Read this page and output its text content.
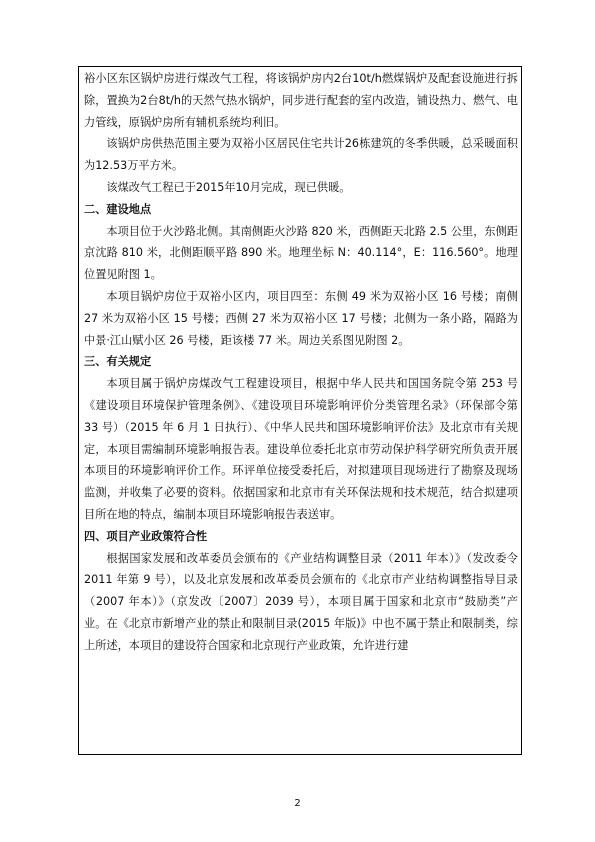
裕小区东区锅炉房进行煤改气工程，将该锅炉房内2台10t/h燃煤锅炉及配套设施进行拆除，置换为2台8t/h的天然气热水锅炉，同步进行配套的室内改造，铺设热力、燃气、电力管线，原锅炉房所有辅机系统均利旧。

该锅炉房供热范围主要为双裕小区居民住宅共计26栋建筑的冬季供暖，总采暖面积为12.53万平方米。

该煤改气工程已于2015年10月完成，现已供暖。

二、建设地点

本项目位于火沙路北侧。其南侧距火沙路 820 米，西侧距天北路 2.5 公里，东侧距京沈路 810 米，北侧距顺平路 890 米。地理坐标 N：40.114°，E：116.560°。地理位置见附图 1。

本项目锅炉房位于双裕小区内，项目四至：东侧 49 米为双裕小区 16 号楼；南侧 27 米为双裕小区 15 号楼；西侧 27 米为双裕小区 17 号楼；北侧为一条小路，隔路为中景·江山赋小区 26 号楼，距该楼 77 米。周边关系图见附图 2。

三、有关规定

本项目属于锅炉房煤改气工程建设项目，根据中华人民共和国国务院令第 253 号《建设项目环境保护管理条例》、《建设项目环境影响评价分类管理名录》（环保部令第 33 号）（2015 年 6 月 1 日执行）、《中华人民共和国环境影响评价法》及北京市有关规定，本项目需编制环境影响报告表。建设单位委托北京市劳动保护科学研究所负责开展本项目的环境影响评价工作。环评单位接受委托后，对拟建项目现场进行了勘察及现场监测，并收集了必要的资料。依据国家和北京市有关环保法规和技术规范，结合拟建项目所在地的特点，编制本项目环境影响报告表送审。

四、项目产业政策符合性

根据国家发展和改革委员会颁布的《产业结构调整目录（2011 年本）》（发改委令 2011 年第 9 号），以及北京发展和改革委员会颁布的《北京市产业结构调整指导目录（2007 年本）》（京发改〔2007〕2039 号），本项目属于国家和北京市“鼓励类”产业。在《北京市新增产业的禁止和限制目录(2015 年版)》中也不属于禁止和限制类，综上所述，本项目的建设符合国家和北京现行产业政策，允许进行建

2
